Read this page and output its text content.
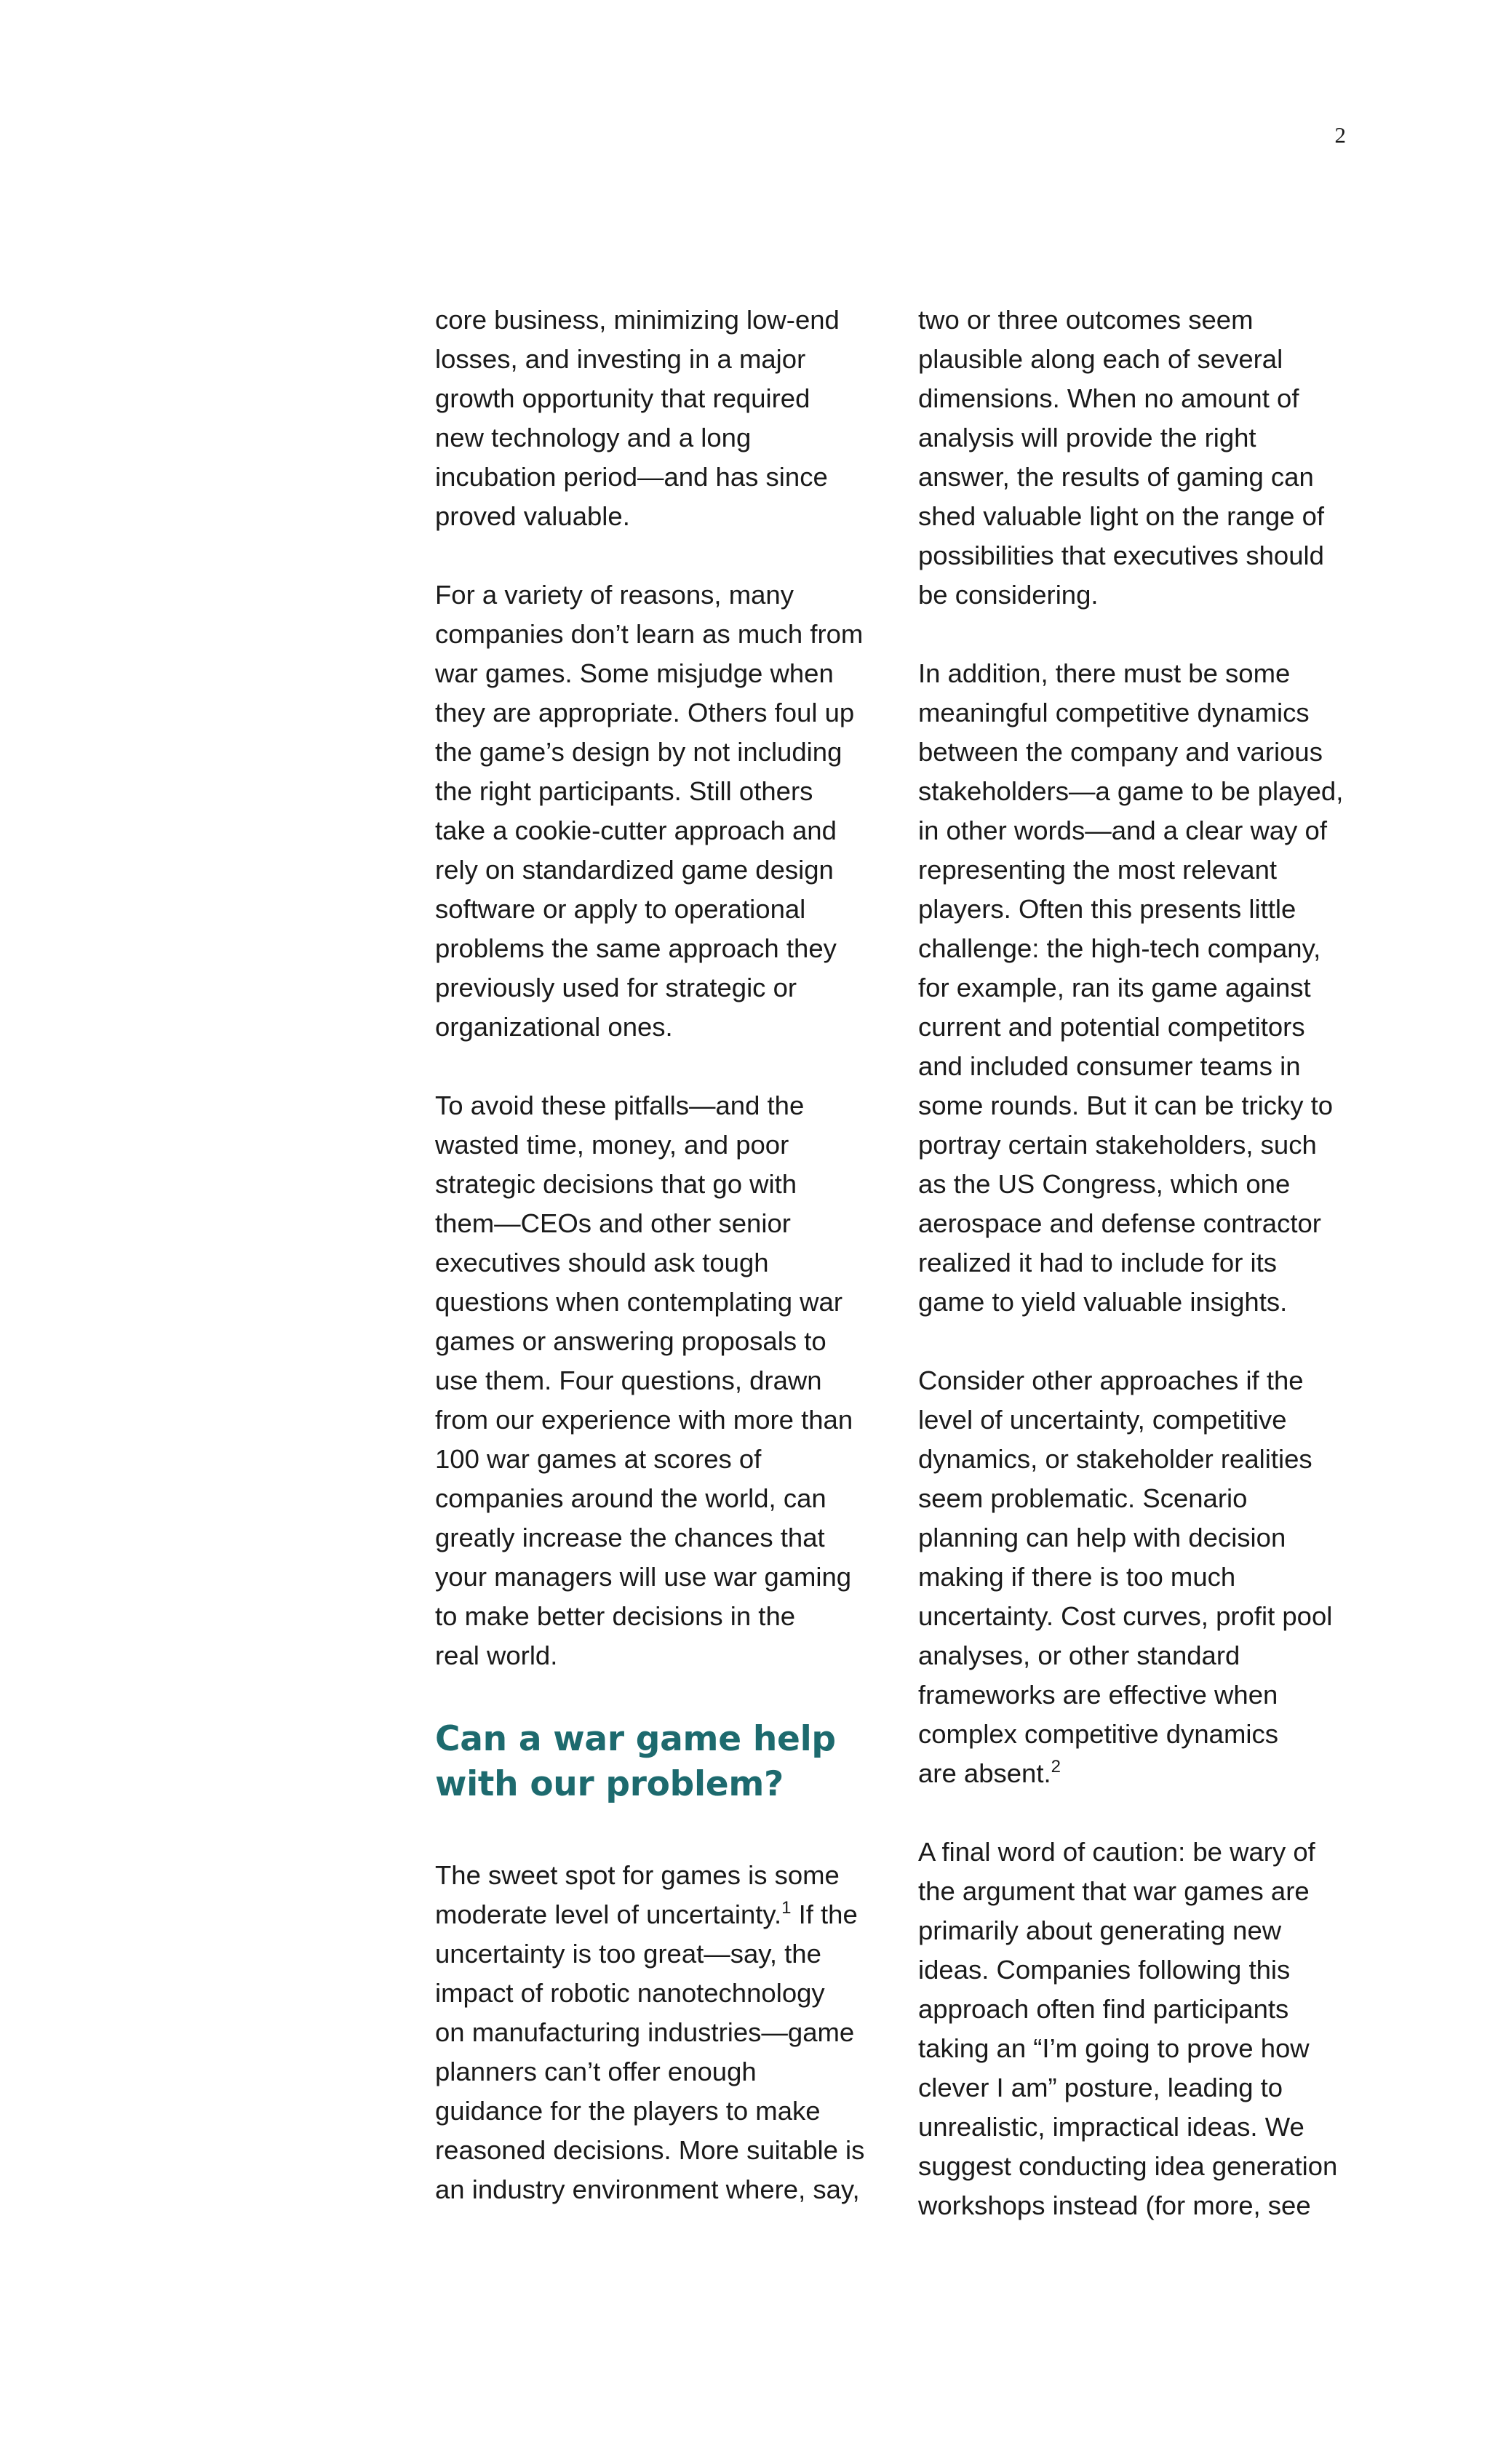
2

core business, minimizing low-end
losses, and investing in a major
growth opportunity that required
new technology and a long
incubation period—and has since
proved valuable.

For a variety of reasons, many
companies don’t learn as much from
war games. Some misjudge when
they are appropriate. Others foul up
the game’s design by not including
the right participants. Still others
take a cookie-cutter approach and
rely on standardized game design
software or apply to operational
problems the same approach they
previously used for strategic or
organizational ones.

To avoid these pitfalls—and the
wasted time, money, and poor
strategic decisions that go with
them—CEOs and other senior
executives should ask tough
questions when contemplating war
games or answering proposals to
use them. Four questions, drawn
from our experience with more than
100 war games at scores of
companies around the world, can
greatly increase the chances that
your managers will use war gaming
to make better decisions in the
real world.

Can a war game help
with our problem?

The sweet spot for games is some
moderate level of uncertainty.$^1$ If the
uncertainty is too great—say, the
impact of robotic nanotechnology
on manufacturing industries—game
planners can’t offer enough
guidance for the players to make
reasoned decisions. More suitable is
an industry environment where, say,

two or three outcomes seem
plausible along each of several
dimensions. When no amount of
analysis will provide the right
answer, the results of gaming can
shed valuable light on the range of
possibilities that executives should
be considering.

In addition, there must be some
meaningful competitive dynamics
between the company and various
stakeholders—a game to be played,
in other words—and a clear way of
representing the most relevant
players. Often this presents little
challenge: the high-tech company,
for example, ran its game against
current and potential competitors
and included consumer teams in
some rounds. But it can be tricky to
portray certain stakeholders, such
as the US Congress, which one
aerospace and defense contractor
realized it had to include for its
game to yield valuable insights.

Consider other approaches if the
level of uncertainty, competitive
dynamics, or stakeholder realities
seem problematic. Scenario
planning can help with decision
making if there is too much
uncertainty. Cost curves, profit pool
analyses, or other standard
frameworks are effective when
complex competitive dynamics
are absent.$^2$

A final word of caution: be wary of
the argument that war games are
primarily about generating new
ideas. Companies following this
approach often find participants
taking an “I’m going to prove how
clever I am” posture, leading to
unrealistic, impractical ideas. We
suggest conducting idea generation
workshops instead (for more, see
